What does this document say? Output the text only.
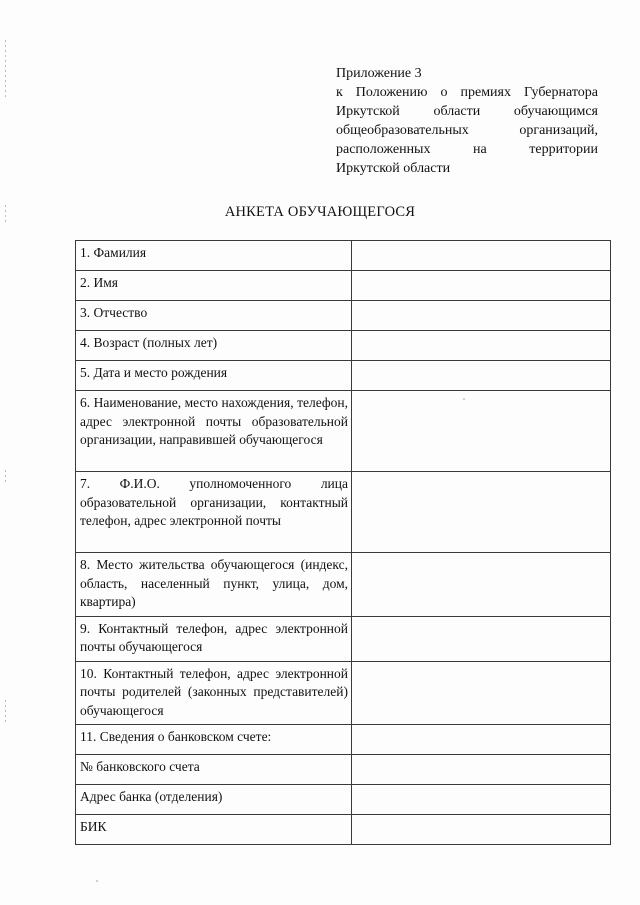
Приложение 3
к Положению о премиях Губернатора
Иркутской области обучающимся
общеобразовательных организаций,
расположенных на территории
Иркутской области
АНКЕТА ОБУЧАЮЩЕГОСЯ
1. Фамилия	
2. Имя	
3. Отчество	
4. Возраст (полных лет)	
5. Дата и место рождения	
6. Наименование, место нахождения, телефон, адрес электронной почты образовательной организации, направившей обучающегося	
7. Ф.И.О. уполномоченного лица образовательной организации, контактный телефон, адрес электронной почты	
8. Место жительства обучающегося (индекс, область, населенный пункт, улица, дом, квартира)	
9. Контактный телефон, адрес электронной почты обучающегося	
10. Контактный телефон, адрес электронной почты родителей (законных представителей) обучающегося	
11. Сведения о банковском счете:	
№ банковского счета	
Адрес банка (отделения)	
БИК	
